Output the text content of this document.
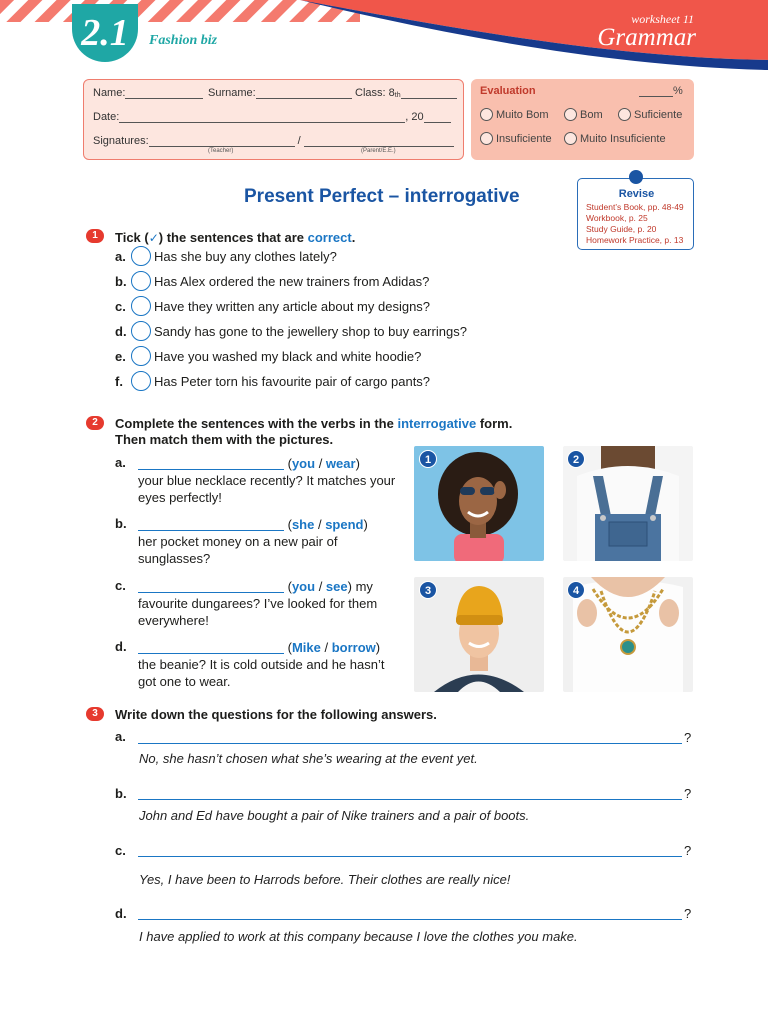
2.1	Fashion biz
worksheet 11
Grammar
Name:	Surname:	Class: $8_{th}$
Date:	, 20
Signatures:	/
(Teacher)	(Parent/E.E.)
Evaluation	%
Muito Bom	Bom	Suficiente
Insuficiente	Muito Insuficiente
Present Perfect – interrogative	Revise
Student’s Book, pp. 48-49
Workbook, p. 25
Study Guide, p. 20
Homework Practice, p. 13
1	Tick (✓) the sentences that are correct.
a.	Has she buy any clothes lately?
b.	Has Alex ordered the new trainers from Adidas?
c.	Have they written any article about my designs?
d.	Sandy has gone to the jewellery shop to buy earrings?
e.	Have you washed my black and white hoodie?
f.	Has Peter torn his favourite pair of cargo pants?
2	Complete the sentences with the verbs in the interrogative form.
Then match them with the pictures.
a.	(you / wear)
your blue necklace recently? It matches your eyes perfectly!
b.	(she / spend)
her pocket money on a new pair of sunglasses?
c.	(you / see) my
favourite dungarees? I’ve looked for them everywhere!
d.	(Mike / borrow)
the beanie? It is cold outside and he hasn’t got one to wear.
1	2
3	4
3	Write down the questions for the following answers.
a.	?
No, she hasn’t chosen what she’s wearing at the event yet.
b.	?
John and Ed have bought a pair of Nike trainers and a pair of boots.
c.	?
Yes, I have been to Harrods before. Their clothes are really nice!
d.	?
I have applied to work at this company because I love the clothes you make.
